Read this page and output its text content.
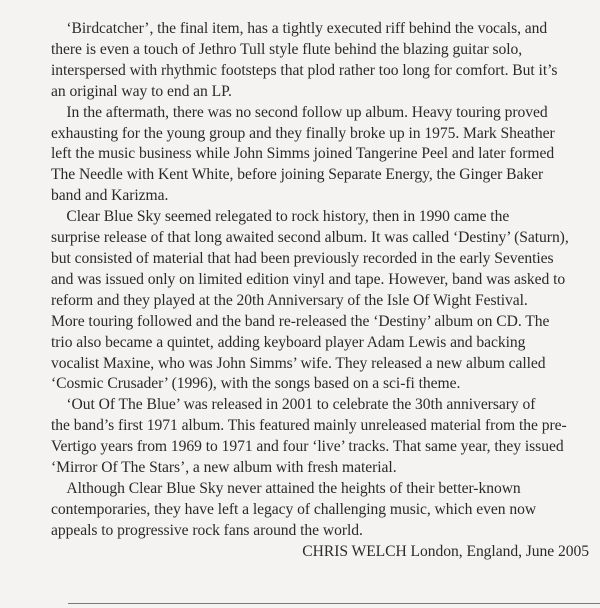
‘Birdcatcher’, the final item, has a tightly executed riff behind the vocals, and
there is even a touch of Jethro Tull style flute behind the blazing guitar solo,
interspersed with rhythmic footsteps that plod rather too long for comfort. But it’s
an original way to end an LP.

In the aftermath, there was no second follow up album. Heavy touring proved
exhausting for the young group and they finally broke up in 1975. Mark Sheather
left the music business while John Simms joined Tangerine Peel and later formed
The Needle with Kent White, before joining Separate Energy, the Ginger Baker
band and Karizma.

Clear Blue Sky seemed relegated to rock history, then in 1990 came the
surprise release of that long awaited second album. It was called ‘Destiny’ (Saturn),
but consisted of material that had been previously recorded in the early Seventies
and was issued only on limited edition vinyl and tape. However, band was asked to
reform and they played at the 20th Anniversary of the Isle Of Wight Festival.
More touring followed and the band re-released the ‘Destiny’ album on CD. The
trio also became a quintet, adding keyboard player Adam Lewis and backing
vocalist Maxine, who was John Simms’ wife. They released a new album called
‘Cosmic Crusader’ (1996), with the songs based on a sci-fi theme.

‘Out Of The Blue’ was released in 2001 to celebrate the 30th anniversary of
the band’s first 1971 album. This featured mainly unreleased material from the pre-
Vertigo years from 1969 to 1971 and four ‘live’ tracks. That same year, they issued
‘Mirror Of The Stars’, a new album with fresh material.

Although Clear Blue Sky never attained the heights of their better-known
contemporaries, they have left a legacy of challenging music, which even now
appeals to progressive rock fans around the world.

CHRIS WELCH London, England, June 2005
